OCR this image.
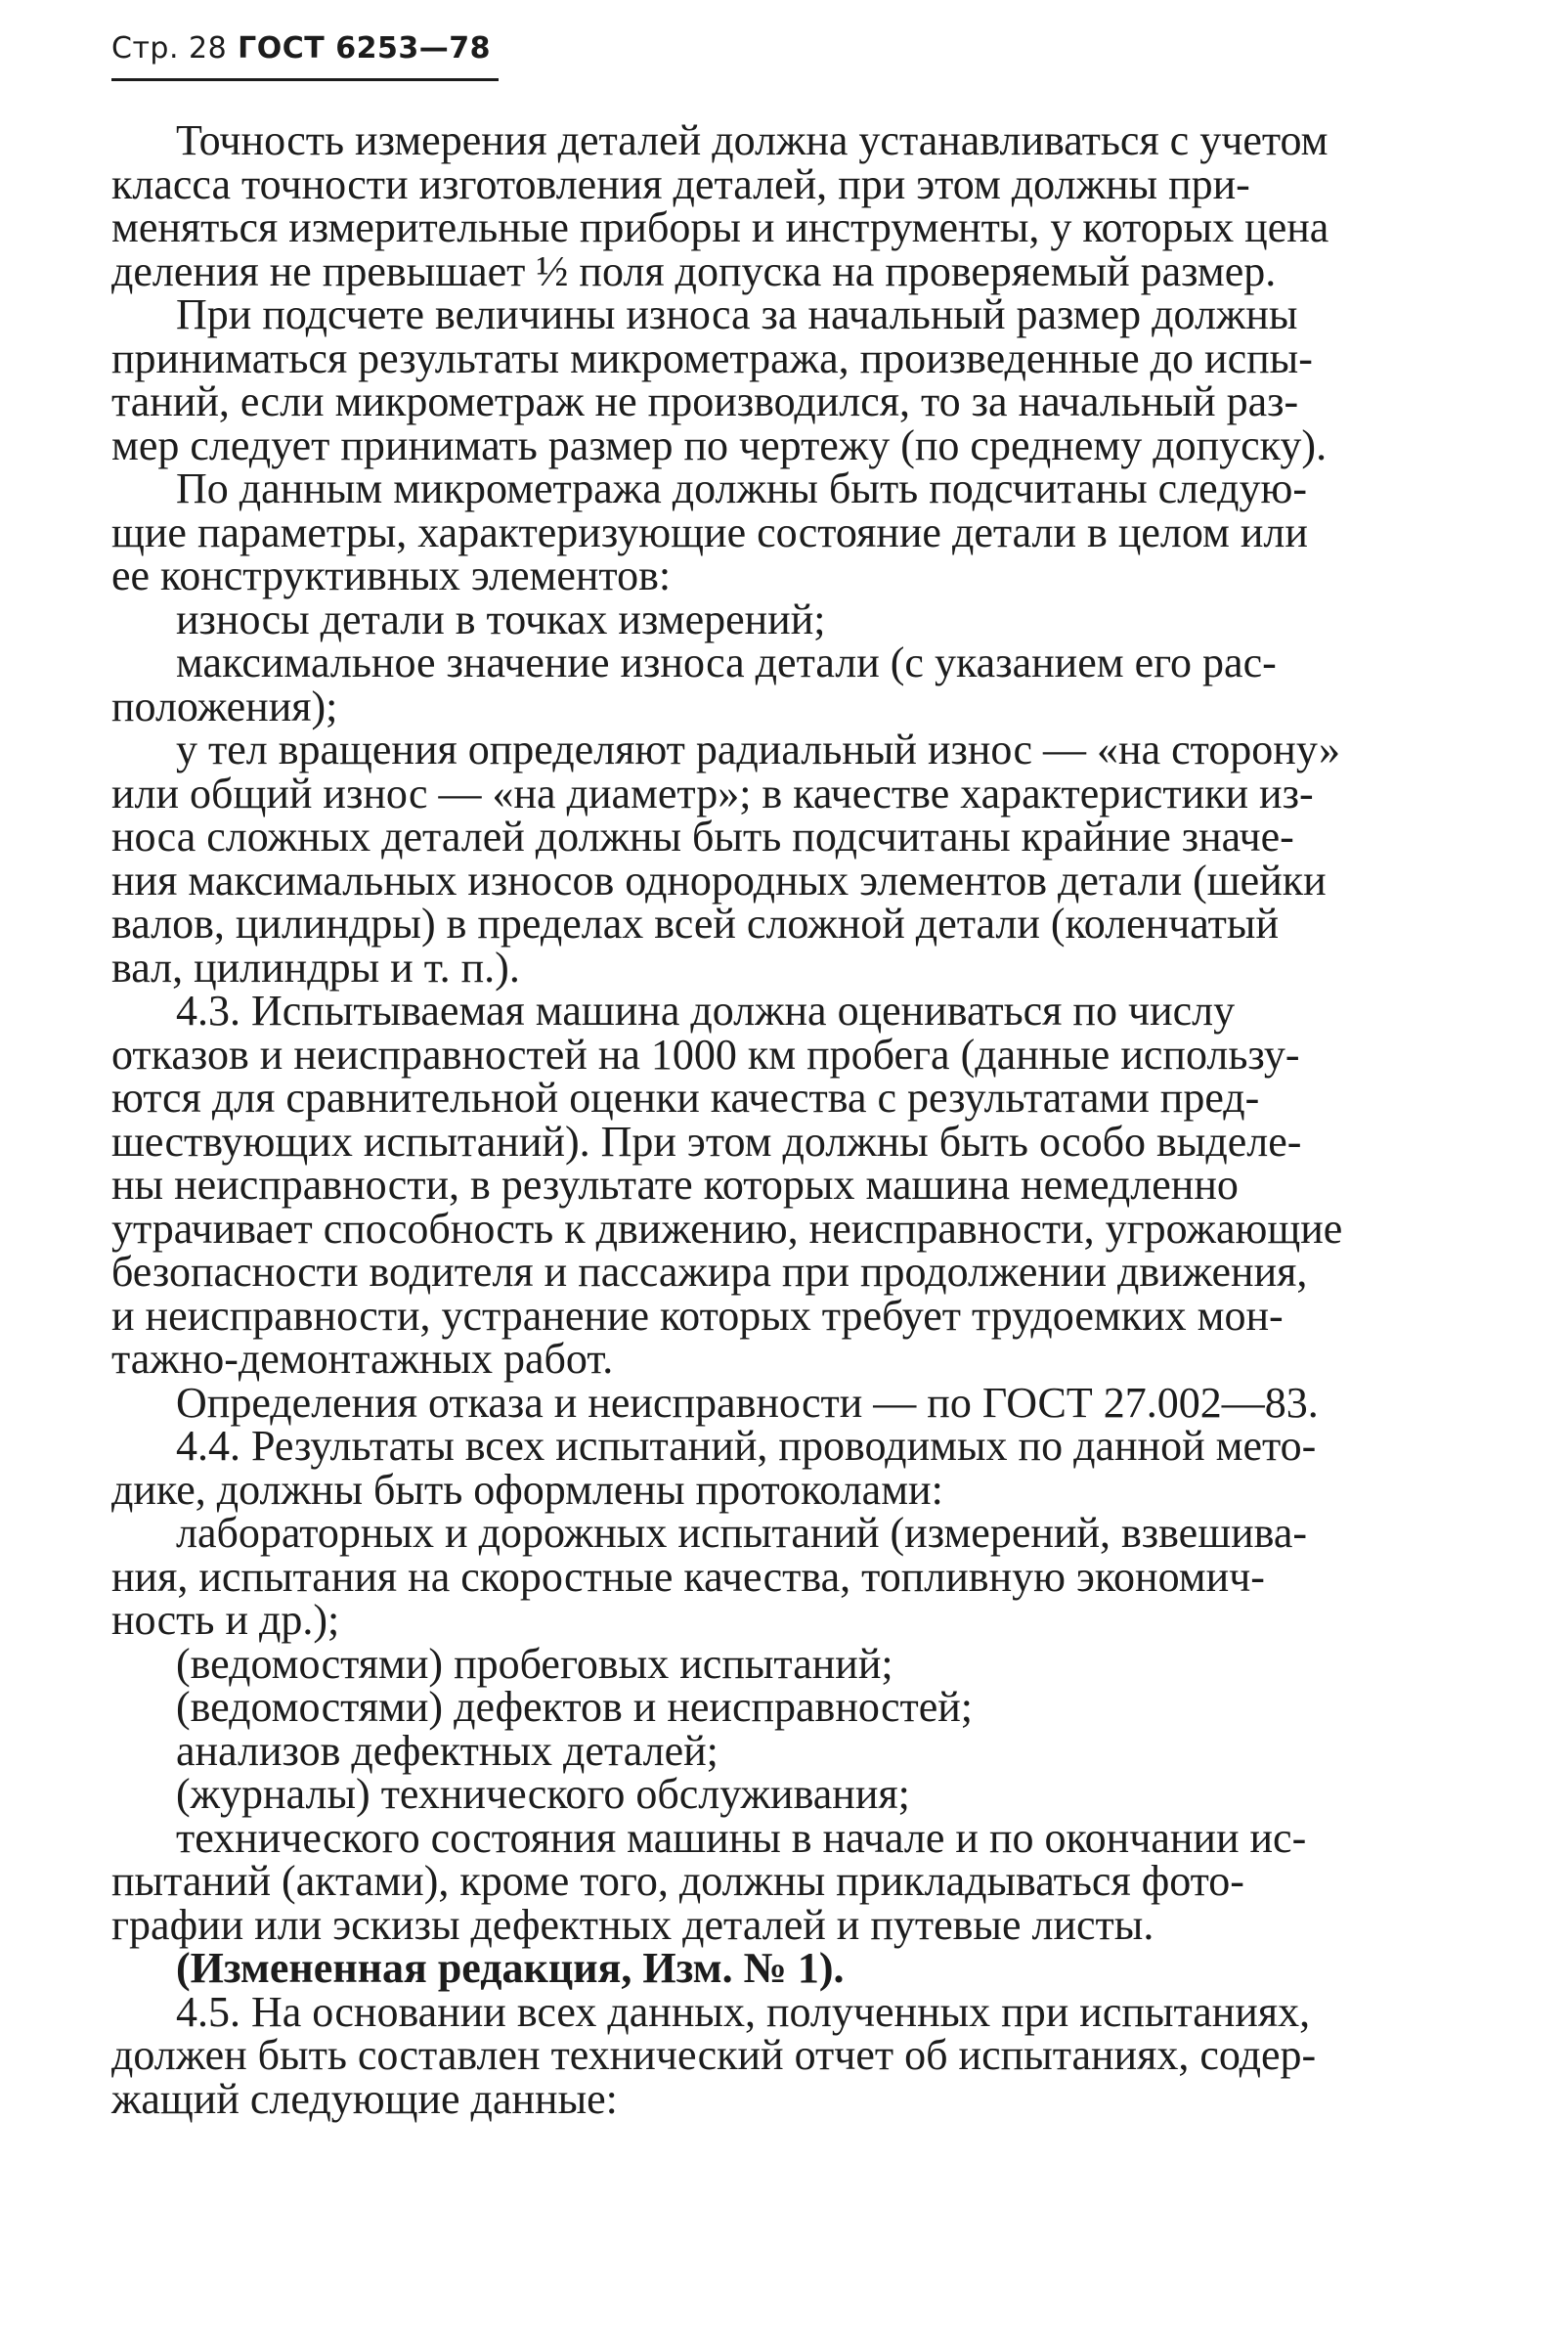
Стр. 28 ГОСТ 6253—78

Точность измерения деталей должна устанавливаться с учетом
класса точности изготовления деталей, при этом должны при-
меняться измерительные приборы и инструменты, у которых цена
деления не превышает ½ поля допуска на проверяемый размер.

При подсчете величины износа за начальный размер должны
приниматься результаты микрометража, произведенные до испы-
таний, если микрометраж не производился, то за начальный раз-
мер следует принимать размер по чертежу (по среднему допуску).

По данным микрометража должны быть подсчитаны следую-
щие параметры, характеризующие состояние детали в целом или
ее конструктивных элементов:

износы детали в точках измерений;

максимальное значение износа детали (с указанием его рас-
положения);

у тел вращения определяют радиальный износ — «на сторону»
или общий износ — «на диаметр»; в качестве характеристики из-
носа сложных деталей должны быть подсчитаны крайние значе-
ния максимальных износов однородных элементов детали (шейки
валов, цилиндры) в пределах всей сложной детали (коленчатый
вал, цилиндры и т. п.).

4.3. Испытываемая машина должна оцениваться по числу
отказов и неисправностей на 1000 км пробега (данные использу-
ются для сравнительной оценки качества с результатами пред-
шествующих испытаний). При этом должны быть особо выделе-
ны неисправности, в результате которых машина немедленно
утрачивает способность к движению, неисправности, угрожающие
безопасности водителя и пассажира при продолжении движения,
и неисправности, устранение которых требует трудоемких мон-
тажно-демонтажных работ.

Определения отказа и неисправности — по ГОСТ 27.002—83.

4.4. Результаты всех испытаний, проводимых по данной мето-
дике, должны быть оформлены протоколами:

лабораторных и дорожных испытаний (измерений, взвешива-
ния, испытания на скоростные качества, топливную экономич-
ность и др.);

(ведомостями) пробеговых испытаний;

(ведомостями) дефектов и неисправностей;

анализов дефектных деталей;

(журналы) технического обслуживания;

технического состояния машины в начале и по окончании ис-
пытаний (актами), кроме того, должны прикладываться фото-
графии или эскизы дефектных деталей и путевые листы.

(Измененная редакция, Изм. № 1).

4.5. На основании всех данных, полученных при испытаниях,
должен быть составлен технический отчет об испытаниях, содер-
жащий следующие данные:
